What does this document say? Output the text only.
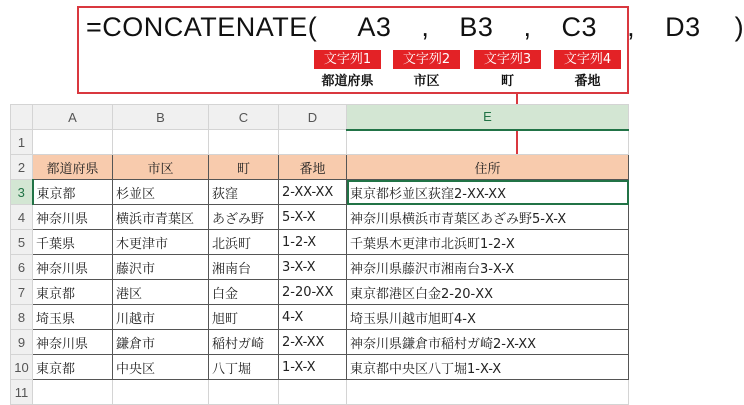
=CONCATENATE( A3 , B3 , C3 , D3 )
文字列1	文字列2	文字列3	文字列4
都道府県	市区	町	番地
	A	B	C	D	E
1					
2	都道府県	市区	町	番地	住所
3	東京都	杉並区	荻窪	2-XX-XX	東京都杉並区荻窪2-XX-XX
4	神奈川県	横浜市青葉区	あざみ野	5-X-X	神奈川県横浜市青葉区あざみ野5-X-X
5	千葉県	木更津市	北浜町	1-2-X	千葉県木更津市北浜町1-2-X
6	神奈川県	藤沢市	湘南台	3-X-X	神奈川県藤沢市湘南台3-X-X
7	東京都	港区	白金	2-20-XX	東京都港区白金2-20-XX
8	埼玉県	川越市	旭町	4-X	埼玉県川越市旭町4-X
9	神奈川県	鎌倉市	稲村ガ崎	2-X-XX	神奈川県鎌倉市稲村ガ崎2-X-XX
10	東京都	中央区	八丁堀	1-X-X	東京都中央区八丁堀1-X-X
11					
